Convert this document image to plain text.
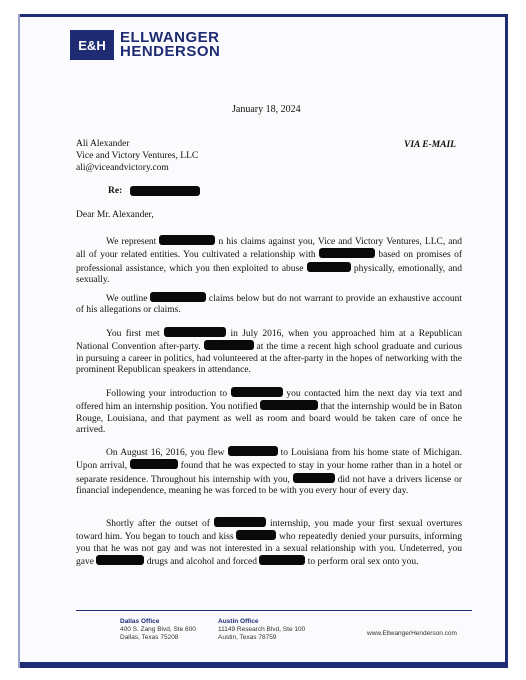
E&H ELLWANGER
HENDERSON
January 18, 2024
Ali Alexander
Vice and Victory Ventures, LLC
ali@viceandvictory.com
VIA E-MAIL
Re:
Dear Mr. Alexander,
We represent	n his claims against you, Vice and Victory Ventures, LLC, and all of your related entities. You cultivated a relationship with	based on promises of professional assistance, which you then exploited to abuse	physically, emotionally, and sexually.
We outline	claims below but do not warrant to provide an exhaustive account of his allegations or claims.
You first met	in July 2016, when you approached him at a Republican National Convention after-party.	at the time a recent high school graduate and curious in pursuing a career in politics, had volunteered at the after-party in the hopes of networking with the prominent Republican speakers in attendance.
Following your introduction to	you contacted him the next day via text and offered him an internship position. You notified	that the internship would be in Baton Rouge, Louisiana, and that payment as well as room and board would be taken care of once he arrived.
On August 16, 2016, you flew	to Louisiana from his home state of Michigan. Upon arrival,	found that he was expected to stay in your home rather than in a hotel or separate residence. Throughout his internship with you,	did not have a drivers license or financial independence, meaning he was forced to be with you every hour of every day.
Shortly after the outset of	internship, you made your first sexual overtures toward him. You began to touch and kiss	who repeatedly denied your pursuits, informing you that he was not gay and was not interested in a sexual relationship with you. Undeterred, you gave	drugs and alcohol and forced	to perform oral sex onto you.
Dallas Office
400 S. Zang Blvd, Ste 600
Dallas, Texas 75208
Austin Office
11149 Research Blvd, Ste 100
Austin, Texas 78759
www.EllwangerHenderson.com
